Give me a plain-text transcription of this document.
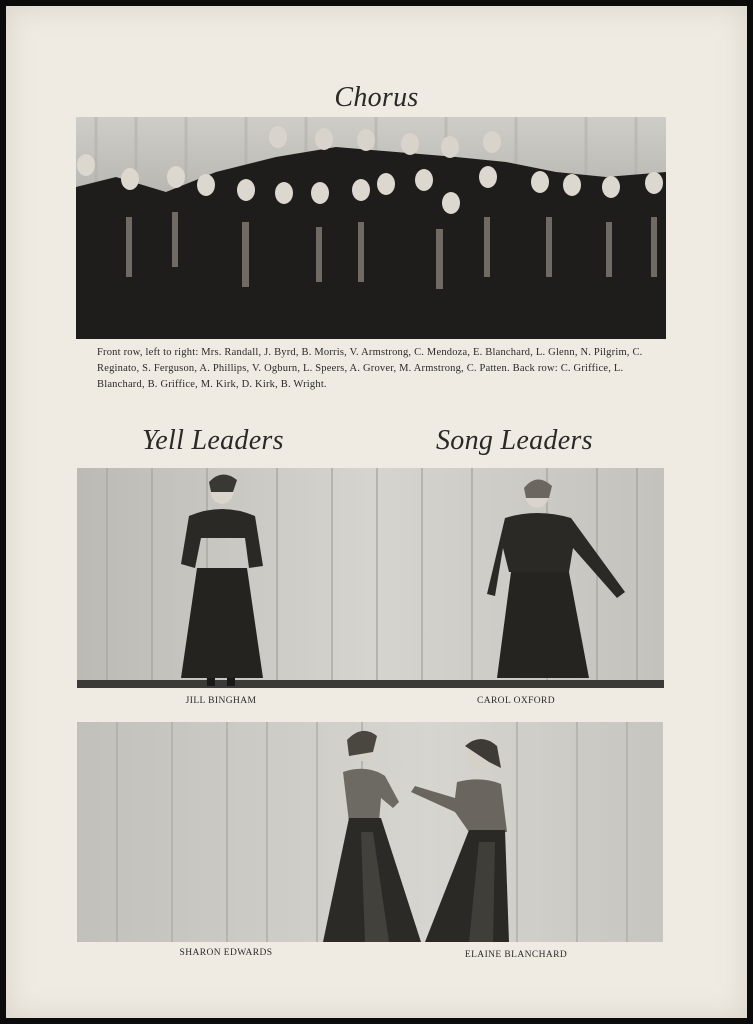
Chorus

Front row, left to right: Mrs. Randall, J. Byrd, B. Morris, V. Armstrong, C. Mendoza, E. Blanchard, L. Glenn, N. Pilgrim, C. Reginato, S. Ferguson, A. Phillips, V. Ogburn, L. Speers, A. Grover, M. Armstrong, C. Patten. Back row: C. Griffice, L. Blanchard, B. Griffice, M. Kirk, D. Kirk, B. Wright.

Yell Leaders	Song Leaders

JILL BINGHAM	CAROL OXFORD

SHARON EDWARDS	ELAINE BLANCHARD
